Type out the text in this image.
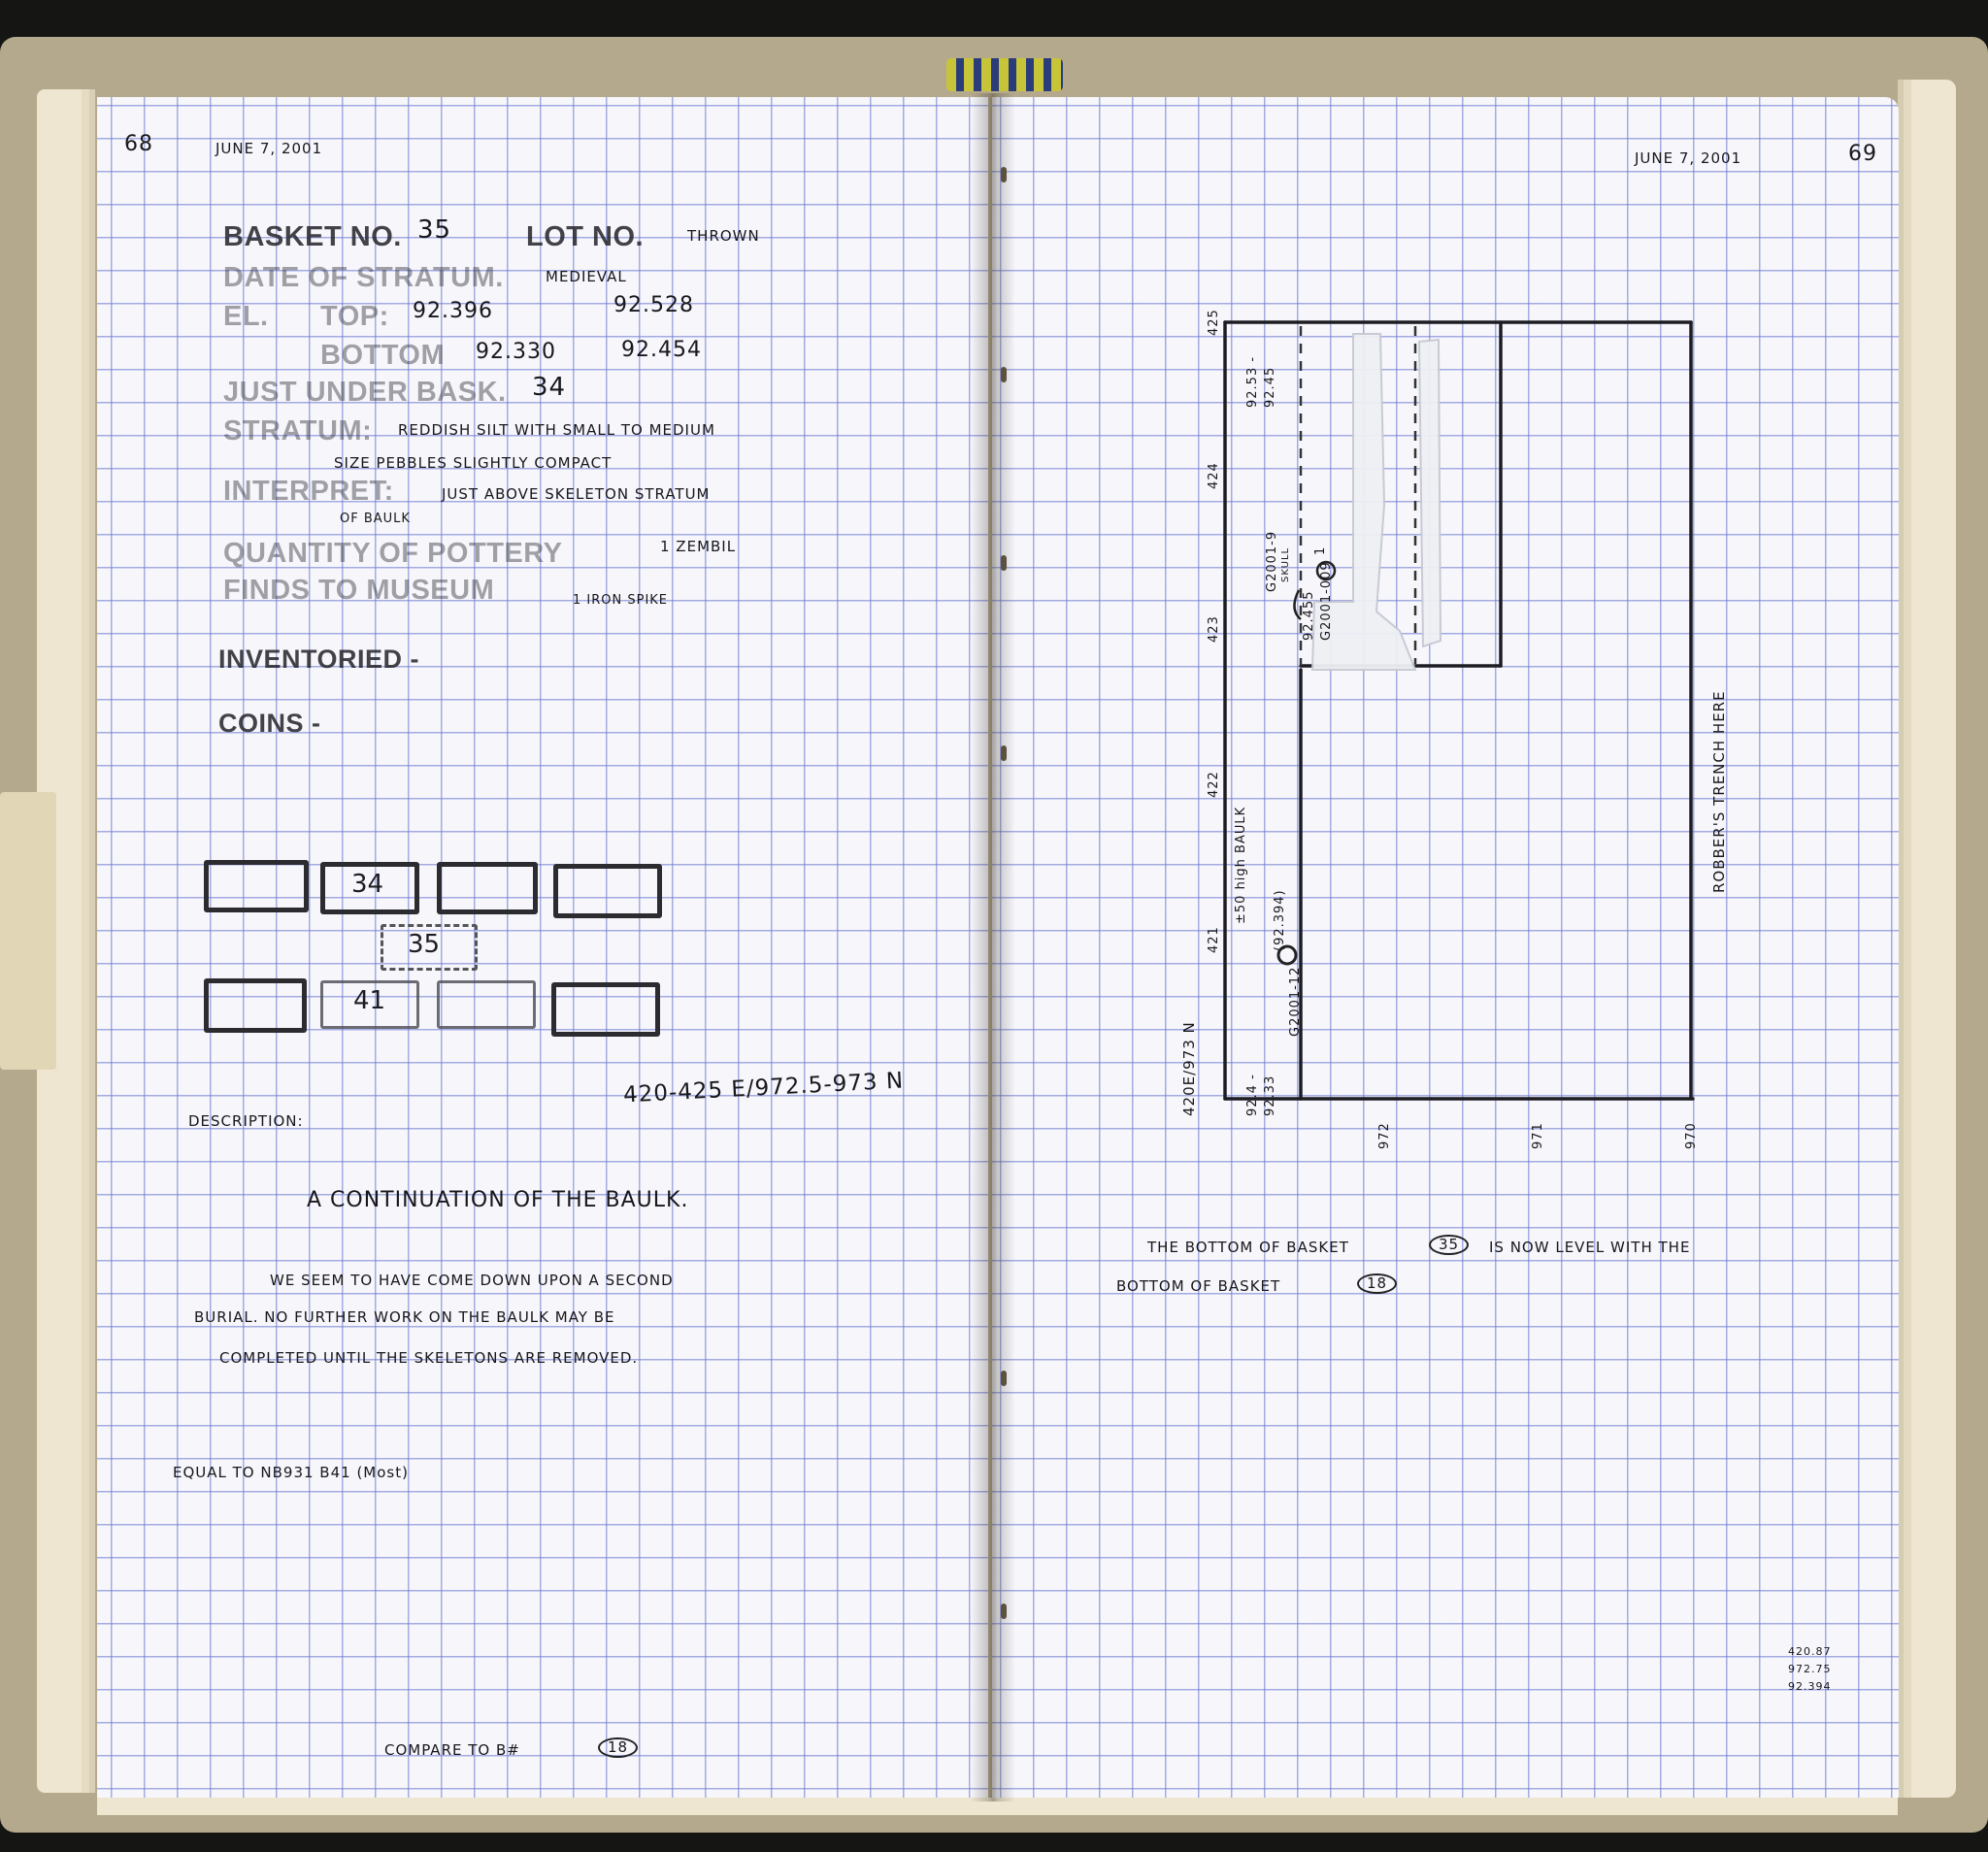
68	JUNE 7, 2001
BASKET NO. 35	LOT NO.	THROWN
DATE OF STRATUM.	MEDIEVAL
EL. TOP: 92.396	92.528
BOTTOM 92.330	92.454
JUST UNDER BASK. 34
STRATUM: REDDISH SILT WITH SMALL TO MEDIUM
SIZE PEBBLES SLIGHTLY COMPACT
INTERPRET:	JUST ABOVE SKELETON STRATUM
OF BAULK
QUANTITY OF POTTERY	1 ZEMBIL
FINDS TO MUSEUM	1 IRON SPIKE
INVENTORIED -
COINS -
34
35
41
420-425 E/972.5-973 N
DESCRIPTION:
A CONTINUATION OF THE BAULK.
WE SEEM TO HAVE COME DOWN UPON A SECOND
BURIAL. NO FURTHER WORK ON THE BAULK MAY BE
COMPLETED UNTIL THE SKELETONS ARE REMOVED.
EQUAL TO NB931 B41 (Most)
COMPARE TO B#	18
JUNE 7, 2001	69
425
424
423
422
421
972	971	970
420E/973 N
92.53 - 92.45
92.4 - 92.33
G2001-9 SKULL 1
92.455 G2001-009
±50 high BAULK (92.394)
G2001-12
ROBBER'S TRENCH HERE
THE BOTTOM OF BASKET	35	IS NOW LEVEL WITH THE
BOTTOM OF BASKET	18
420.87
972.75
92.394
